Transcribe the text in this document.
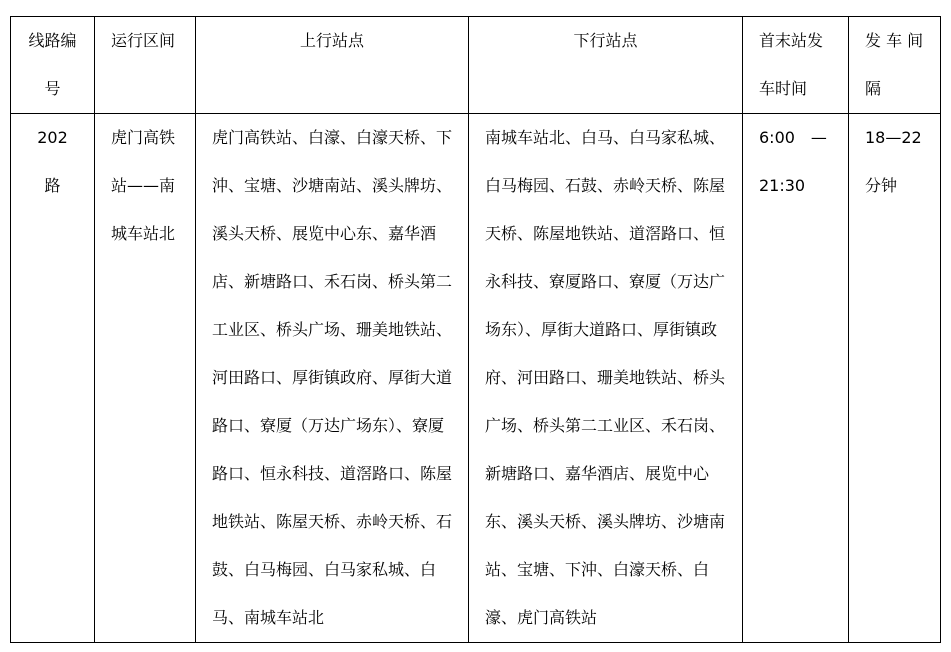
线路编号	运行区间	上行站点	下行站点	首末站发车时间	发 车 间 隔
202 路	虎门高铁站——南城车站北	虎门高铁站、白濠、白濠天桥、下沖、宝塘、沙塘南站、溪头牌坊、溪头天桥、展览中心东、嘉华酒店、新塘路口、禾石岗、桥头第二工业区、桥头广场、珊美地铁站、河田路口、厚街镇政府、厚街大道路口、寮厦（万达广场东）、寮厦路口、恒永科技、道滘路口、陈屋地铁站、陈屋天桥、赤岭天桥、石鼓、白马梅园、白马家私城、白马、南城车站北	南城车站北、白马、白马家私城、白马梅园、石鼓、赤岭天桥、陈屋天桥、陈屋地铁站、道滘路口、恒永科技、寮厦路口、寮厦（万达广场东）、厚街大道路口、厚街镇政府、河田路口、珊美地铁站、桥头广场、桥头第二工业区、禾石岗、新塘路口、嘉华酒店、展览中心东、溪头天桥、溪头牌坊、沙塘南站、宝塘、下沖、白濠天桥、白濠、虎门高铁站	6:00　—　21:30	18—22 分钟
